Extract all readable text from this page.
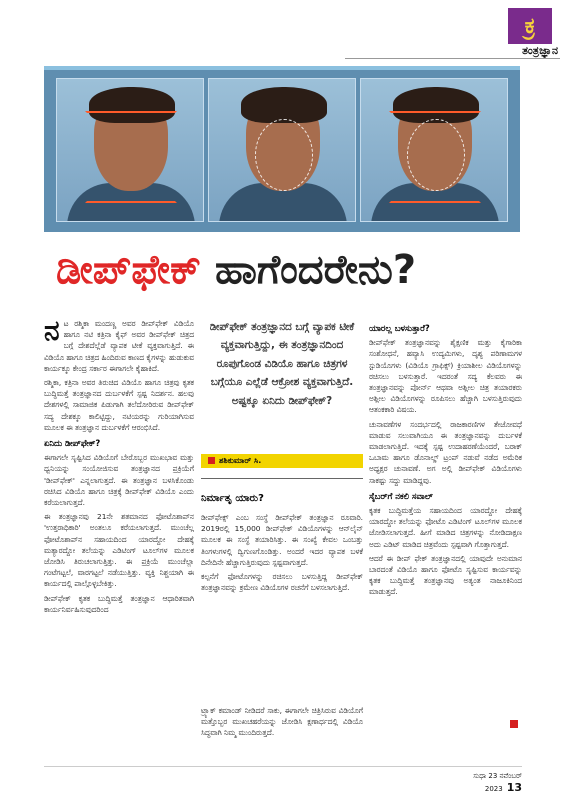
ಕ್ರ
ತಂತ್ರಜ್ಞಾನ
ಡೀಪ್‌ಫೇಕ್ ಹಾಗೆಂದರೇನು?

ನಟ ರಶ್ಮಿಕಾ ಮಂದಣ್ಣ ಅವರ ಡೀಪ್‌ಫೇಕ್ ವಿಡಿಯೊ ಹಾಗೂ ನಟಿ ಕತ್ರಿನಾ ಕೈಫ್ ಅವರ ಡೀಪ್‌ಫೇಕ್ ಚಿತ್ರದ ಬಗ್ಗೆ ದೇಶದೆಲ್ಲೆಡೆ ವ್ಯಾಪಕ ಟೀಕೆ ವ್ಯಕ್ತವಾಗುತ್ತಿದೆ. ಈ ವಿಡಿಯೊ ಹಾಗೂ ಚಿತ್ರದ ಹಿಂದಿರುವ ಕಾಣದ ಕೈಗಳನ್ನು ಹುಡುಕುವ ಕಾರ್ಯಕ್ಕೂ ಕೇಂದ್ರ ಸರ್ಕಾರ ಈಗಾಗಲೇ ಕೈಹಾಕಿದೆ.

ರಶ್ಮಿಕಾ, ಕತ್ರಿನಾ ಅವರ ತಿರುಚಿದ ವಿಡಿಯೊ ಹಾಗೂ ಚಿತ್ರವು ಕೃತಕ ಬುದ್ಧಿಮತ್ತೆ ತಂತ್ರಜ್ಞಾನದ ದುರ್ಬಳಕೆಗೆ ಸ್ಪಷ್ಟ ನಿದರ್ಶನ. ಹಲವು ದೇಶಗಳಲ್ಲಿ ಸಾಮಾಜಿಕ ಪಿಡುಗಾಗಿ ತಲೆದೋರಿರುವ ಡೀಪ್‌ಫೇಕ್ ಸದ್ಯ ದೇಶಕ್ಕೂ ಕಾಲಿಟ್ಟಿದ್ದು, ನಟಿಯರನ್ನು ಗುರಿಯಾಗಿಸುವ ಮೂಲಕ ಈ ತಂತ್ರಜ್ಞಾನ ದುರ್ಬಳಕೆಗೆ ಆರಂಭಿಸಿದೆ.

ಏನಿದು ಡೀಪ್‌ಫೇಕ್?

ಈಗಾಗಲೇ ಸೃಷ್ಟಿಸಿದ ವಿಡಿಯೊಗೆ ಬೇರೊಬ್ಬರ ಮುಖಭಾವ ಮತ್ತು ಧ್ವನಿಯನ್ನು ಸಂಯೋಜಿಸುವ ತಂತ್ರಜ್ಞಾನದ ಪ್ರಕ್ರಿಯೆಗೆ 'ಡೀಪ್‌ಫೇಕ್' ಎನ್ನಲಾಗುತ್ತದೆ. ಈ ತಂತ್ರಜ್ಞಾನ ಬಳಸಿಕೊಂಡು ರಚಿಸಿದ ವಿಡಿಯೊ ಹಾಗೂ ಚಿತ್ರಕ್ಕೆ ಡೀಪ್‌ಫೇಕ್ ವಿಡಿಯೊ ಎಂದು ಕರೆಯಲಾಗುತ್ತದೆ.

ಈ ತಂತ್ರಜ್ಞಾನವು 21ನೇ ಶತಮಾನದ ಫೋಟೊಶಾಪ್‌ನ 'ಉತ್ತರಾಧಿಕಾರಿ' ಅಂತಲೂ ಕರೆಯಲಾಗುತ್ತದೆ. ಮುಂಚೆಲ್ಲ ಫೋಟೊಶಾಪ್‌ನ ಸಹಾಯದಿಂದ ಯಾರದ್ದೋ ದೇಹಕ್ಕೆ ಮತ್ಯಾರದ್ದೋ ತಲೆಯನ್ನು ಎಡಿಟಿಂಗ್ ಟೂಲ್‌ಗಳ ಮೂಲಕ ಜೋಡಿಸಿ ತಿರುಚಲಾಗುತ್ತಿತ್ತು. ಈ ಪ್ರಕ್ರಿಯೆ ಮುಂಚೆಲ್ಲಾ ಗಂಟೆಗಟ್ಟಲೆ, ವಾರಗಟ್ಟಲೆ ನಡೆಯುತ್ತಿತ್ತು. ವ್ಯಕ್ತಿ ನಿಶ್ಚಯಾಗಿ ಈ ಕಾರ್ಯದಲ್ಲಿ ಪಾಲ್ಗೊಳ್ಳಬೇಕಿತ್ತು.

ಡೀಪ್‌ಫೇಕ್ ಕೃತಕ ಬುದ್ಧಿಮತ್ತೆ ತಂತ್ರಜ್ಞಾನ ಆಧಾರಿತವಾಗಿ ಕಾರ್ಯನಿರ್ವಹಿಸುವುದರಿಂದ

ಡೀಪ್‌ಫೇಕ್ ತಂತ್ರಜ್ಞಾನದ ಬಗ್ಗೆ ವ್ಯಾಪಕ ಟೀಕೆ ವ್ಯಕ್ತವಾಗುತ್ತಿದ್ದು, ಈ ತಂತ್ರಜ್ಞಾನದಿಂದ ರೂಪುಗೊಂಡ ವಿಡಿಯೊ ಹಾಗೂ ಚಿತ್ರಗಳ ಬಗ್ಗೆಯೂ ಎಲ್ಲೆಡೆ ಆಕ್ರೋಶ ವ್ಯಕ್ತವಾಗುತ್ತಿದೆ. ಅಷ್ಟಕ್ಕೂ ಏನಿದು ಡೀಪ್‌ಫೇಕ್?
ಶಶಿಕುಮಾರ್ ಸಿ.
ನಿರ್ಮಾತೃ ಯಾರು?

ಡೀಪ್‌ಫೇಕ್ಸ್ ಎಂಬ ಸಂಸ್ಥೆ ಡೀಪ್‌ಫೇಕ್ ತಂತ್ರಜ್ಞಾನ ರೂವಾರಿ. 2019ರಲ್ಲಿ 15,000 ಡೀಪ್‌ಫೇಕ್ ವಿಡಿಯೊಗಳನ್ನು ಆನ್‌ಲೈನ್ ಮೂಲಕ ಈ ಸಂಸ್ಥೆ ತಯಾರಿಸಿತ್ತು. ಈ ಸಂಖ್ಯೆ ಕೇವಲ ಒಂಬತ್ತು ತಿಂಗಳುಗಳಲ್ಲಿ ದ್ವಿಗುಣಗೊಂಡಿತ್ತು. ಅಂದರೆ ಇದರ ವ್ಯಾಪಕ ಬಳಕೆ ದಿನೇದಿನೇ ಹೆಚ್ಚಾಗುತ್ತಿರುವುದು ಸ್ಪಷ್ಟವಾಗುತ್ತದೆ.

ಕಲ್ಪನೆಗೆ ಫೋಟೊಗಳನ್ನು ರಚಿಸಲು ಬಳಸುತ್ತಿದ್ದ ಡೀಪ್‌ಫೇಕ್ ತಂತ್ರಜ್ಞಾನವನ್ನು ಕ್ರಮೇಣ ವಿಡಿಯೊಗಳ ರಚನೆಗೆ ಬಳಸಲಾಗುತ್ತಿದೆ.

ಟ್ರ್ಯಾಕ್ ಕಮಾಂಡ್ ನೀಡಿದರೆ ಸಾಕು, ಈಗಾಗಲೇ ಚಿತ್ರಿಸಿರುವ ವಿಡಿಯೊಗೆ ಮತ್ತೊಬ್ಬರ ಮುಖಚಹರೆಯನ್ನು ಜೋಡಿಸಿ ಕ್ಷಣಾರ್ಧದಲ್ಲಿ ವಿಡಿಯೊ ಸಿದ್ಧವಾಗಿ ನಿಮ್ಮ ಮುಂದಿರುತ್ತದೆ.

ಯಾರಲ್ಲ ಬಳಸುತ್ತಾರೆ?

ಡೀಪ್‌ಫೇಕ್ ತಂತ್ರಜ್ಞಾನವನ್ನು ಶೈಕ್ಷಣಿಕ ಮತ್ತು ಕೈಗಾರಿಕಾ ಸಂಶೋಧನೆ, ಹವ್ಯಾಸಿ ಉದ್ಯಮಿಗಳು, ದೃಶ್ಯ ಪರಿಣಾಮಗಳ ಸ್ಟುಡಿಯೊಗಳು (ವಿಡಿಯೊ ಗ್ರಾಫಿಕ್ಸ್) ಕ್ರಿಯಾಶೀಲ ವಿಡಿಯೊಗಳನ್ನು ರಚಿಸಲು ಬಳಸುತ್ತಾರೆ. ಇದರಂತೆ ಸದ್ಯ ಕೆಲವರು ಈ ತಂತ್ರಜ್ಞಾನವನ್ನು ಪೋರ್ನ್ ಆಥವಾ ಅಶ್ಲೀಲ ಚಿತ್ರ ತಯಾರಕರು ಅಶ್ಲೀಲ ವಿಡಿಯೊಗಳನ್ನು ರೂಪಿಸಲು ಹೆಚ್ಚಾಗಿ ಬಳಸುತ್ತಿರುವುದು ಆತಂಕಕಾರಿ ವಿಷಯ.

ಚುನಾವಣೆಗಳ ಸಂದರ್ಭದಲ್ಲಿ ರಾಜಕಾರಣಿಗಳ ತೇಜೋವಧೆ ಮಾಡುವ ಸಲುವಾಗಿಯೂ ಈ ತಂತ್ರಜ್ಞಾನವನ್ನು ದುರ್ಬಳಕೆ ಮಾಡಲಾಗುತ್ತಿದೆ. ಇದಕ್ಕೆ ಸ್ಪಷ್ಟ ಉದಾಹರಣೆಯೆಂದರೆ, ಬರಾಕ್ ಒಬಾಮ ಹಾಗೂ ಡೊನಾಲ್ಡ್ ಟ್ರಂಪ್ ನಡುವೆ ನಡೆದ ಅಮೆರಿಕ ಅಧ್ಯಕ್ಷರ ಚುನಾವಣೆ. ಅಗ ಅಲ್ಲಿ ಡೀಪ್‌ಫೇಕ್ ವಿಡಿಯೊಗಳು ಸಾಕಷ್ಟು ಸದ್ದು ಮಾಡಿದ್ದವು.

ಸೈಬರ್‌ಗೆ ನಕಲಿ ಸವಾಲ್

ಕೃತಕ ಬುದ್ಧಿಮತ್ತೆಯ ಸಹಾಯದಿಂದ ಯಾರದ್ದೋ ದೇಹಕ್ಕೆ ಯಾರದ್ದೋ ತಲೆಯನ್ನು ಫೋಟೊ ಎಡಿಟಿಂಗ್ ಟೂಲ್‌ಗಳ ಮೂಲಕ ಜೋಡಿಸಲಾಗುತ್ತದೆ. ಹೀಗೆ ಮಾಡಿದ ಚಿತ್ರಗಳನ್ನು ನೋಡಿದಾಕ್ಷಣ ಅದು ಎಡಿಟ್ ಮಾಡಿದ ಚಿತ್ರವೆಂದು ಸ್ಪಷ್ಟವಾಗಿ ಗೊತ್ತಾಗುತ್ತದೆ.

ಆದರೆ ಈ ಡೀಪ್ ಫೇಕ್ ತಂತ್ರಜ್ಞಾನದಲ್ಲಿ ಯಾವುದೇ ಅನುಮಾನ ಬಾರದಂತೆ ವಿಡಿಯೊ ಹಾಗೂ ಫೋಟೊ ಸೃಷ್ಟಿಸುವ ಕಾರ್ಯವನ್ನು ಕೃತಕ ಬುದ್ಧಿಮತ್ತೆ ತಂತ್ರಜ್ಞಾನವು ಅತ್ಯಂತ ನಾಜೂಕಿನಿಂದ ಮಾಡುತ್ತದೆ.

ಸುಧಾ 23 ನವೆಂಬರ್ 2023 13
